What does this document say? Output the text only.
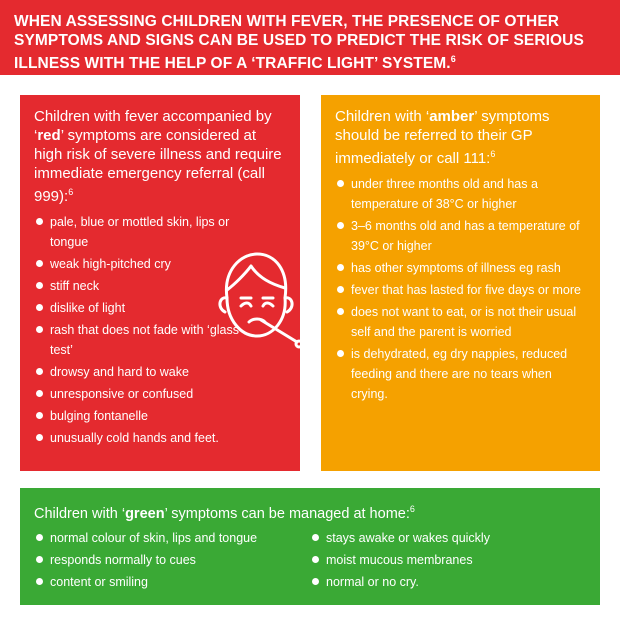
WHEN ASSESSING CHILDREN WITH FEVER, THE PRESENCE OF OTHER SYMPTOMS AND SIGNS CAN BE USED TO PREDICT THE RISK OF SERIOUS ILLNESS WITH THE HELP OF A ‘TRAFFIC LIGHT’ SYSTEM.$^6$

Children with fever accompanied by ‘red’ symptoms are considered at high risk of severe illness and require immediate emergency referral (call 999):$^6$

pale, blue or mottled skin, lips or tongue
weak high-pitched cry
stiff neck
dislike of light
rash that does not fade with ‘glass test’
drowsy and hard to wake
unresponsive or confused
bulging fontanelle
unusually cold hands and feet.

Children with ‘amber’ symptoms should be referred to their GP immediately or call 111:$^6$

under three months old and has a temperature of 38°C or higher
3–6 months old and has a temperature of 39°C or higher
has other symptoms of illness eg rash
fever that has lasted for five days or more
does not want to eat, or is not their usual self and the parent is worried
is dehydrated, eg dry nappies, reduced feeding and there are no tears when crying.

Children with ‘green’ symptoms can be managed at home:$^6$

normal colour of skin, lips and tongue
responds normally to cues
content or smiling
stays awake or wakes quickly
moist mucous membranes
normal or no cry.
